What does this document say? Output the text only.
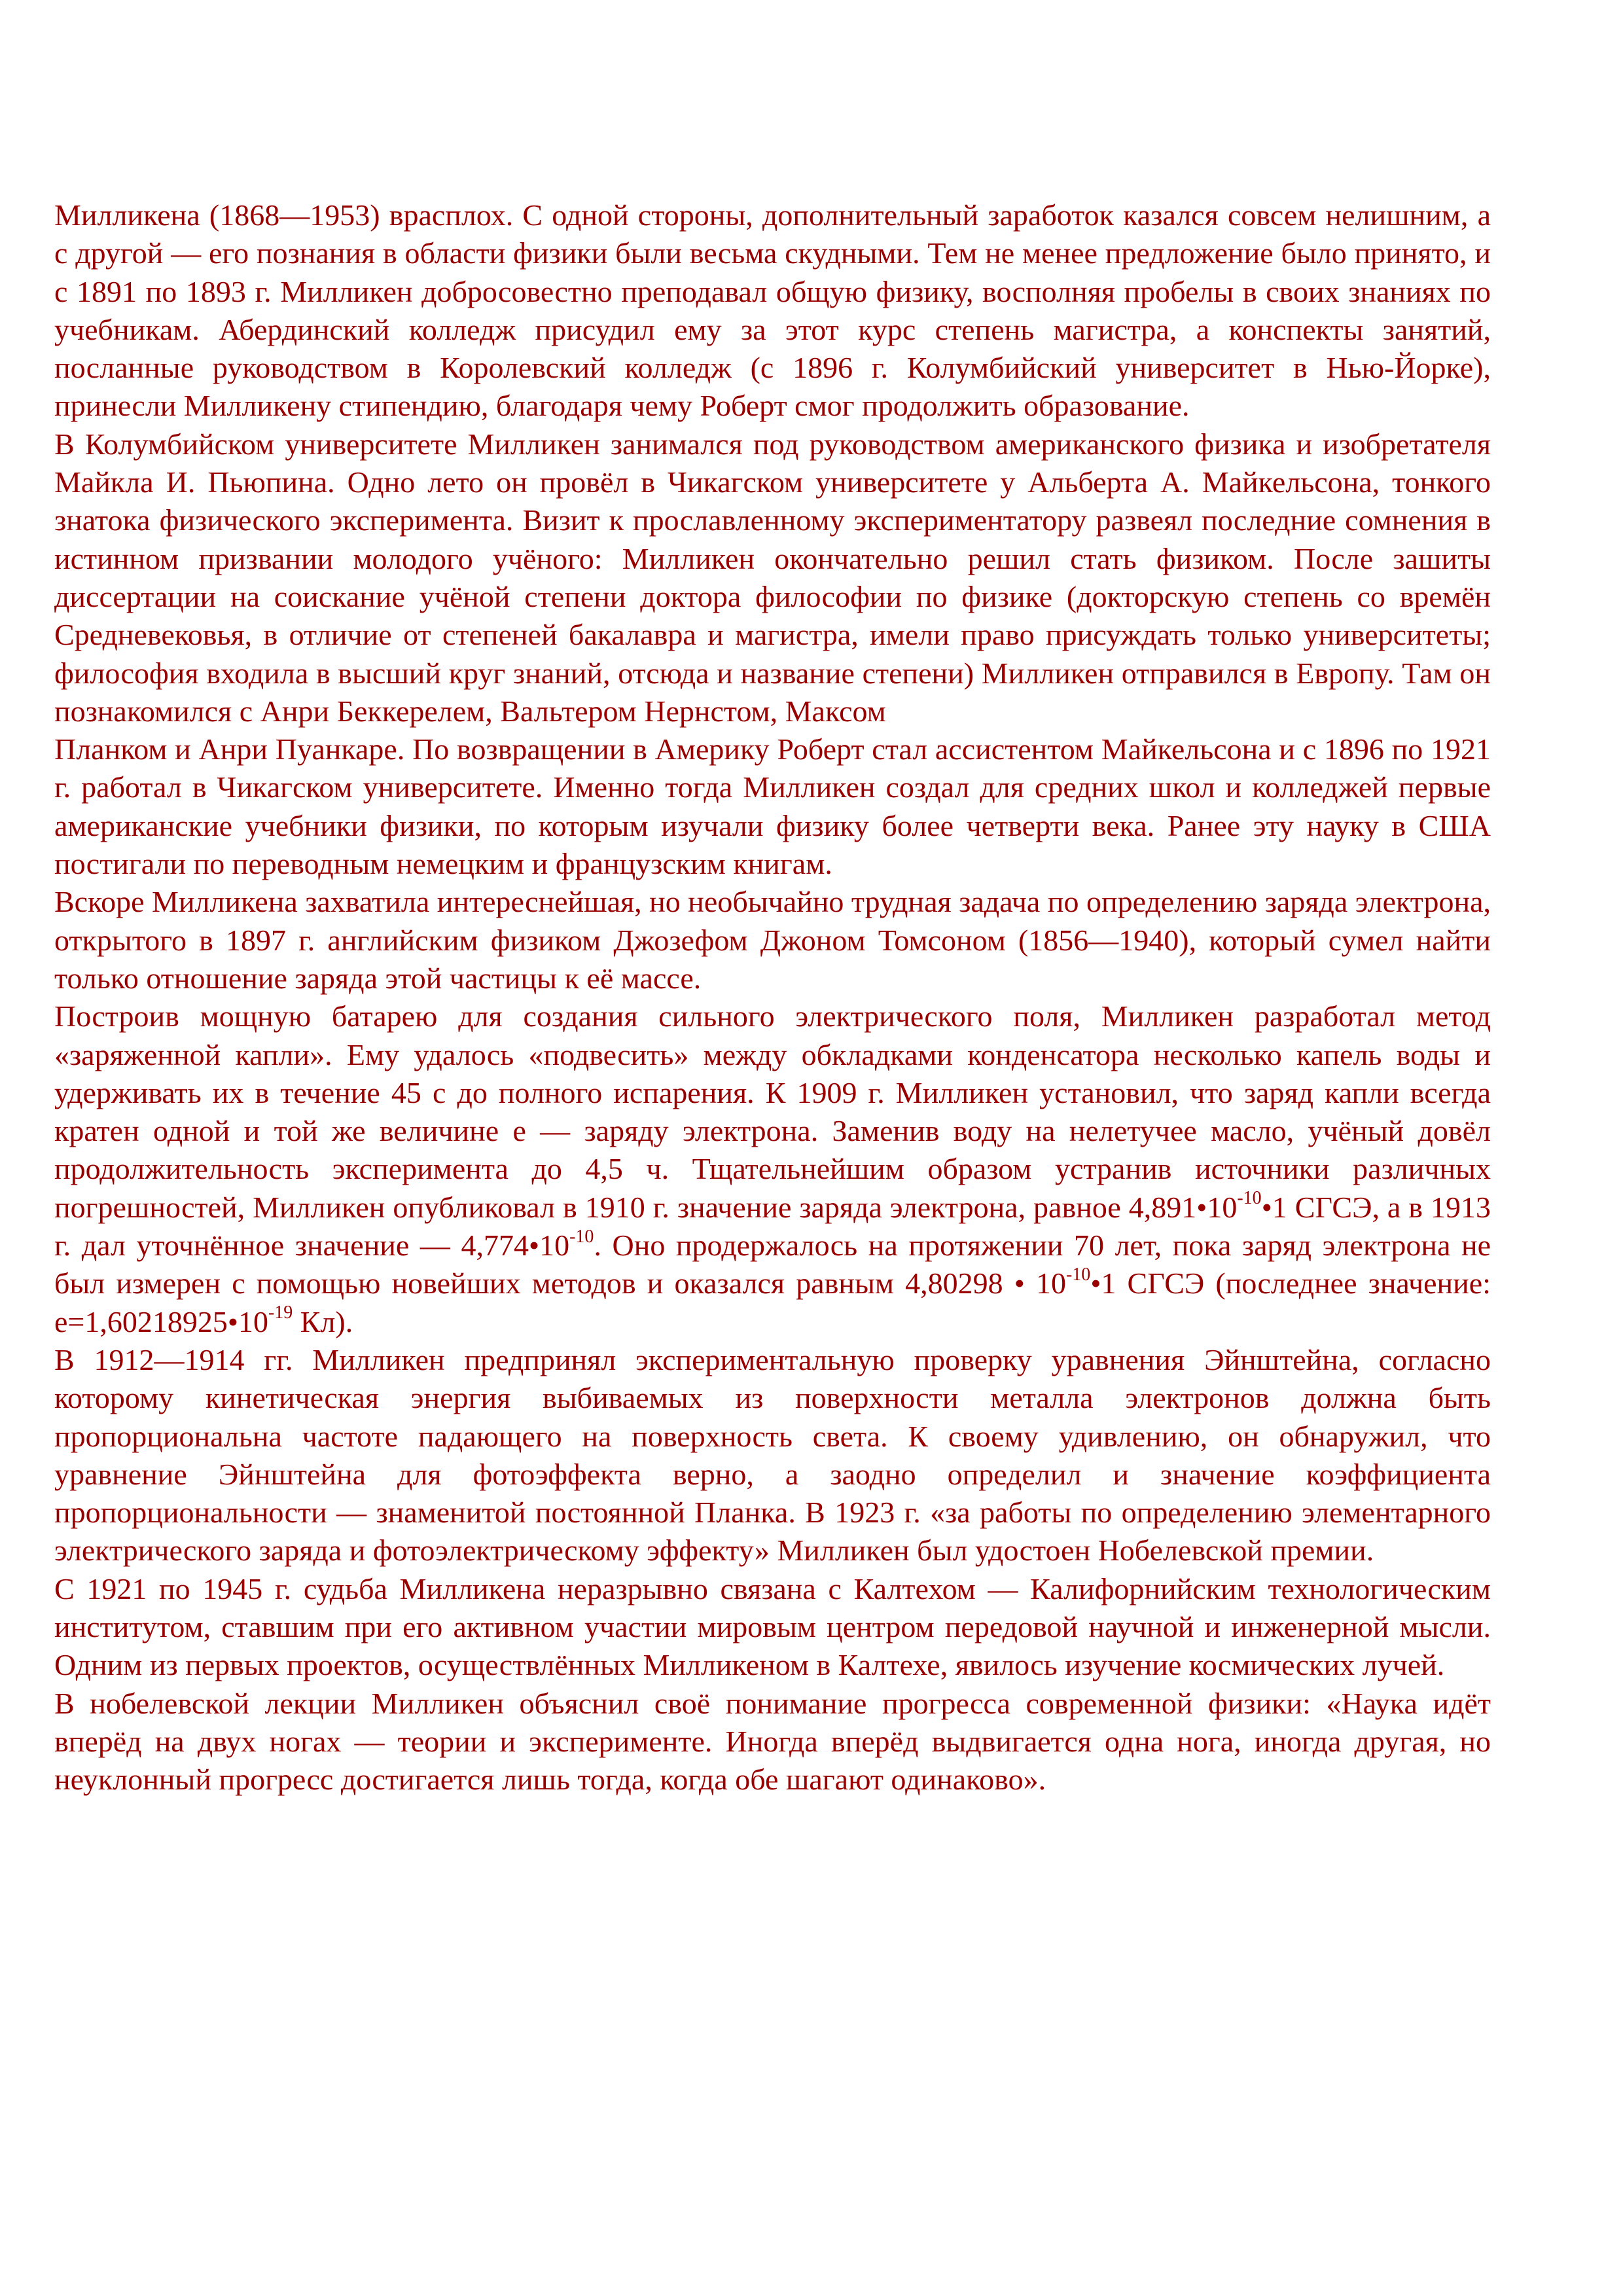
Милликена (1868—1953) врасплох. С одной стороны, дополнительный заработок казался совсем нелишним, а с другой — его познания в области физики были весьма скудными. Тем не менее предложение было принято, и с 1891 по 1893 г. Милликен добросовестно преподавал общую физику, восполняя пробелы в своих знаниях по учебникам. Абердинский колледж присудил ему за этот курс степень магистра, а конспекты занятий, посланные руководством в Королевский колледж (с 1896 г. Колумбийский университет в Нью-Йорке), принесли Милликену стипендию, благодаря чему Роберт смог продолжить образование.

В Колумбийском университете Милликен занимался под руководством американского физика и изобретателя Майкла И. Пьюпина. Одно лето он провёл в Чикагском университете у Альберта А. Майкельсона, тонкого знатока физического эксперимента. Визит к прославленному экспериментатору развеял последние сомнения в истинном призвании молодого учёного: Милликен окончательно решил стать физиком. После зашиты диссертации на соискание учёной степени доктора философии по физике (докторскую степень со времён Средневековья, в отличие от степеней бакалавра и магистра, имели право присуждать только университеты; философия входила в высший круг знаний, отсюда и название степени) Милликен отправился в Европу. Там он познакомился с Анри Беккерелем, Вальтером Нернстом, Максом

Планком и Анри Пуанкаре. По возвращении в Америку Роберт стал ассистентом Майкельсона и с 1896 по 1921 г. работал в Чикагском университете. Именно тогда Милликен создал для средних школ и колледжей первые американские учебники физики, по которым изучали физику более четверти века. Ранее эту науку в США постигали по переводным немецким и французским книгам.

Вскоре Милликена захватила интереснейшая, но необычайно трудная задача по определению заряда электрона, открытого в 1897 г. английским физиком Джозефом Джоном Томсоном (1856—1940), который сумел найти только отношение заряда этой частицы к её массе.

Построив мощную батарею для создания сильного электрического поля, Милликен разработал метод «заряженной капли». Ему удалось «подвесить» между обкладками конденсатора несколько капель воды и удерживать их в течение 45 с до полного испарения. К 1909 г. Милликен установил, что заряд капли всегда кратен одной и той же величине е — заряду электрона. Заменив воду на нелетучее масло, учёный довёл продолжительность эксперимента до 4,5 ч. Тщательнейшим образом устранив источники различных погрешностей, Милликен опубликовал в 1910 г. значение заряда электрона, равное $4,891•10^{-10}•1$ СГСЭ, а в 1913 г. дал уточнённое значение — $4,774•10^{-10}$. Оно продержалось на протяжении 70 лет, пока заряд электрона не был измерен с помощью новейших методов и оказался равным 4,80298 • $10^{-10}•1$ СГСЭ (последнее значение: $е=1,60218925•10^{-19}$ Кл).

В 1912—1914 гг. Милликен предпринял экспериментальную проверку уравнения Эйнштейна, согласно которому кинетическая энергия выбиваемых из поверхности металла электронов должна быть пропорциональна частоте падающего на поверхность света. К своему удивлению, он обнаружил, что уравнение Эйнштейна для фотоэффекта верно, а заодно определил и значение коэффициента пропорциональности — знаменитой постоянной Планка. В 1923 г. «за работы по определению элементарного электрического заряда и фотоэлектрическому эффекту» Милликен был удостоен Нобелевской премии.

С 1921 по 1945 г. судьба Милликена неразрывно связана с Калтехом — Калифорнийским технологическим институтом, ставшим при его активном участии мировым центром передовой научной и инженерной мысли. Одним из первых проектов, осуществлённых Милликеном в Калтехе, явилось изучение космических лучей.

В нобелевской лекции Милликен объяснил своё понимание прогресса современной физики: «Наука идёт вперёд на двух ногах — теории и эксперименте. Иногда вперёд выдвигается одна нога, иногда другая, но неуклонный прогресс достигается лишь тогда, когда обе шагают одинаково».
